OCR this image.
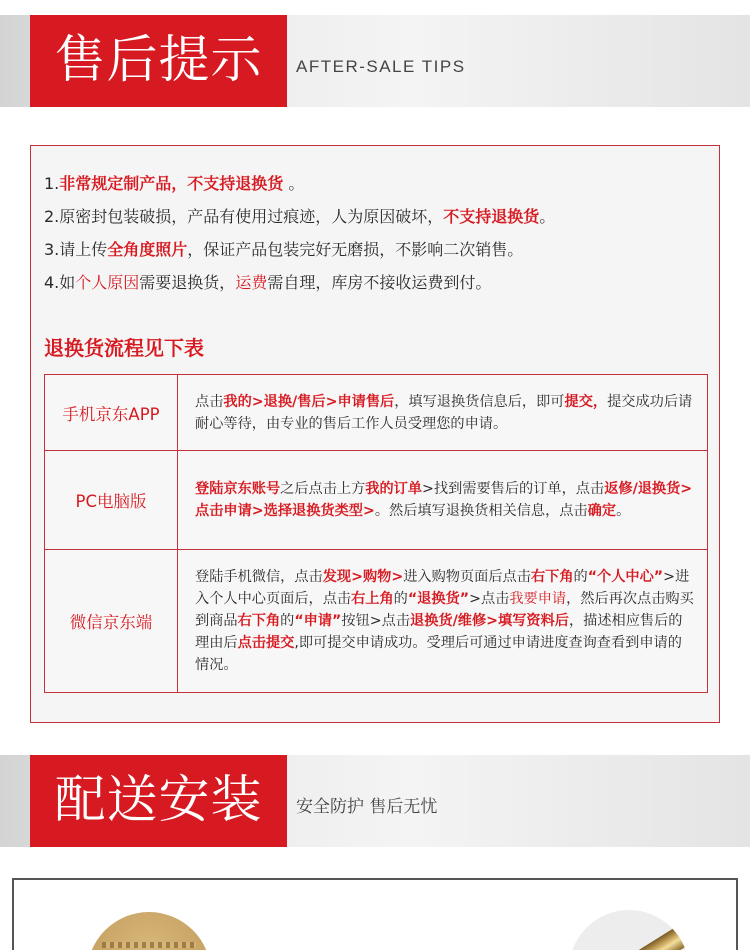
售后提示	AFTER-SALE TIPS
1.非常规定制产品，不支持退换货 。
2.原密封包装破损，产品有使用过痕迹，人为原因破坏，不支持退换货。
3.请上传全角度照片，保证产品包装完好无磨损，不影响二次销售。
4.如个人原因需要退换货，运费需自理，库房不接收运费到付。
退换货流程见下表
手机京东APP	点击我的>退换/售后>申请售后，填写退换货信息后，即可提交，提交成功后请耐心等待，由专业的售后工作人员受理您的申请。
PC电脑版	登陆京东账号之后点击上方我的订单>找到需要售后的订单，点击返修/退换货>点击申请>选择退换货类型>。然后填写退换货相关信息，点击确定。
微信京东端	登陆手机微信，点击发现>购物>进入购物页面后点击右下角的“个人中心”>进入个人中心页面后，点击右上角的“退换货”>点击我要申请，然后再次点击购买到商品右下角的“申请”按钮>点击退换货/维修>填写资料后，描述相应售后的理由后点击提交,即可提交申请成功。受理后可通过申请进度查询查看到申请的情况。
配送安装	安全防护 售后无忧
